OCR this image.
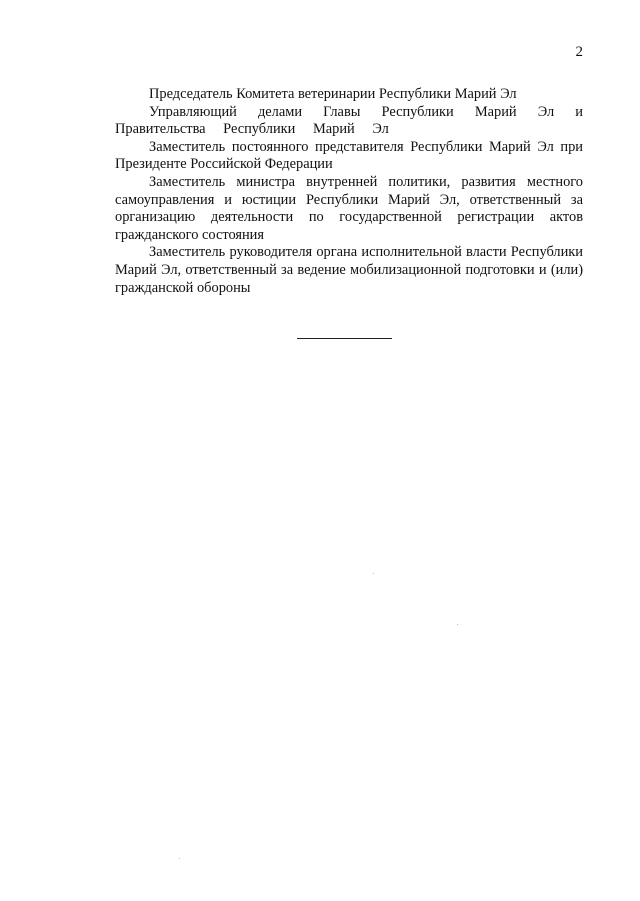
2

Председатель Комитета ветеринарии Республики Марий Эл

Управляющий делами Главы Республики Марий Эл и Правительства Республики Марий Эл

Заместитель постоянного представителя Республики Марий Эл при Президенте Российской Федерации

Заместитель министра внутренней политики, развития местного самоуправления и юстиции Республики Марий Эл, ответственный за организацию деятельности по государственной регистрации актов гражданского состояния

Заместитель руководителя органа исполнительной власти Республики Марий Эл, ответственный за ведение мобилизационной подготовки и (или) гражданской обороны
